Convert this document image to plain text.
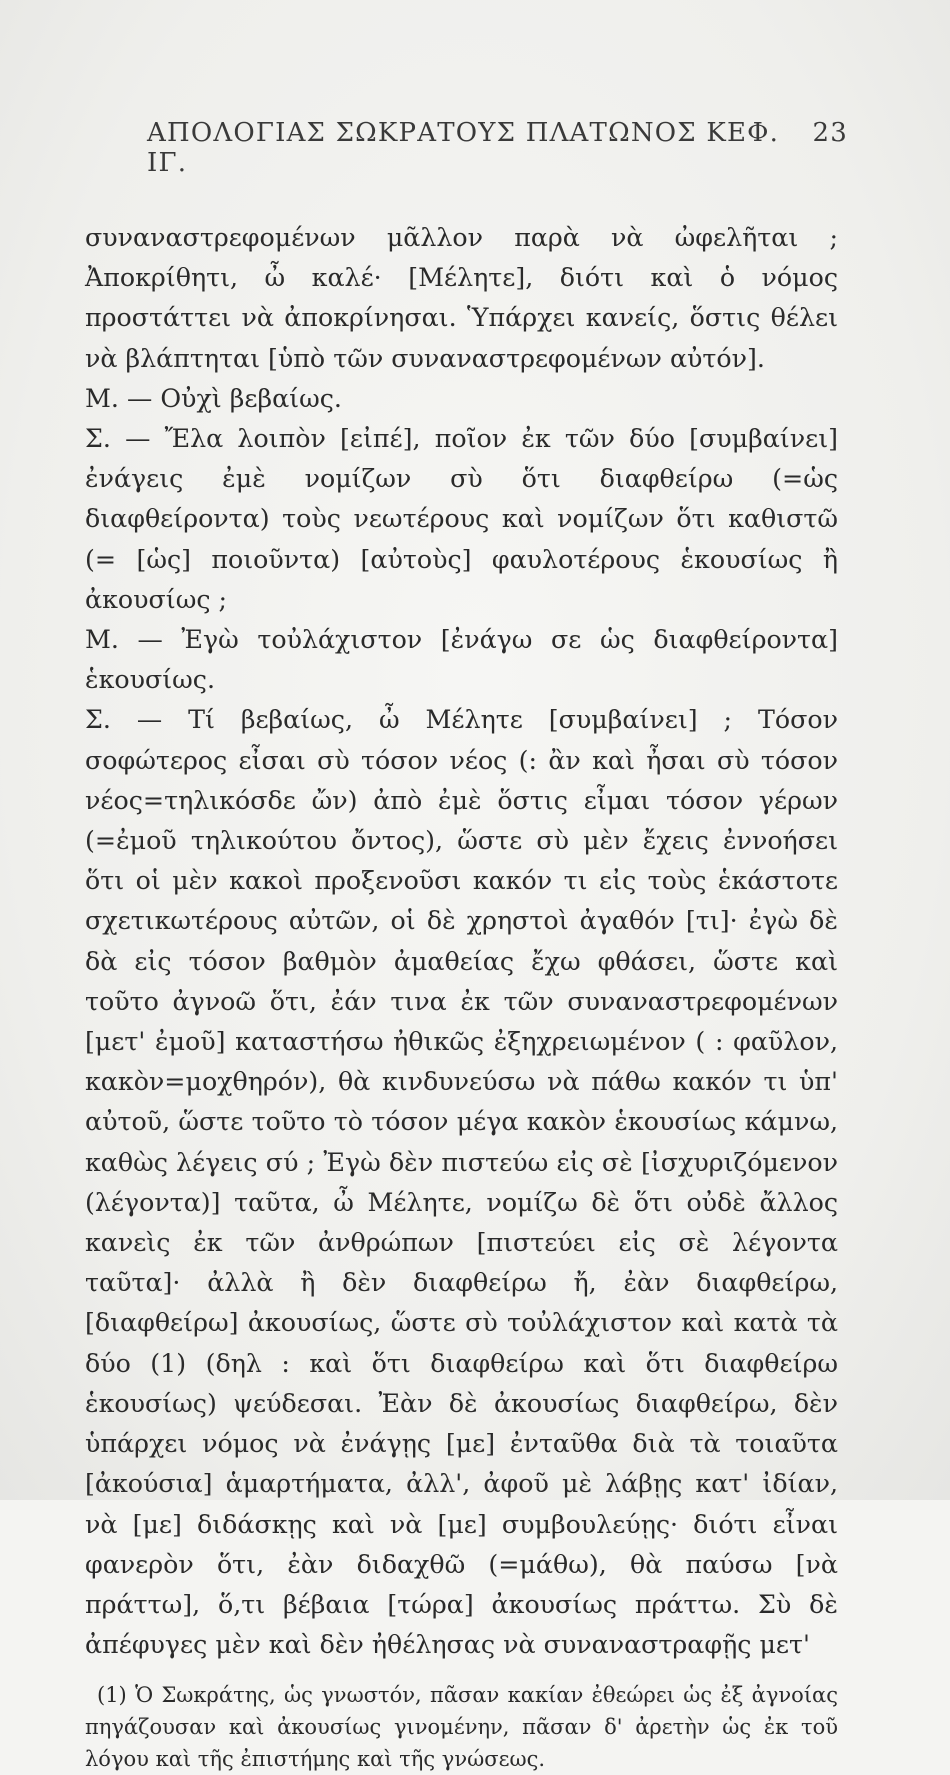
ΑΠΟΛΟΓΙΑΣ ΣΩΚΡΑΤΟΥΣ ΠΛΑΤΩΝΟΣ ΚΕΦ. ΙΓ.
23

συναναστρεφομένων μᾶλλον παρὰ νὰ ὠφελῆται ; Ἀποκρίθητι, ὦ καλέ· [Μέλητε], διότι καὶ ὁ νόμος προστάττει νὰ ἀποκρίνησαι. Ὑπάρχει κανείς, ὅστις θέλει νὰ βλάπτηται [ὑπὸ τῶν συναναστρεφομένων αὐτόν].

Μ. — Οὐχὶ βεβαίως.

Σ. — Ἔλα λοιπὸν [εἰπέ], ποῖον ἐκ τῶν δύο [συμβαίνει] ἐνάγεις ἐμὲ νομίζων σὺ ὅτι διαφθείρω (=ὡς διαφθείροντα) τοὺς νεωτέρους καὶ νομίζων ὅτι καθιστῶ (= [ὡς] ποιοῦντα) [αὐτοὺς] φαυλοτέρους ἑκουσίως ἢ ἀκουσίως ;

Μ. — Ἐγὼ τοὐλάχιστον [ἐνάγω σε ὡς διαφθείροντα] ἑκουσίως.

Σ. — Τί βεβαίως, ὦ Μέλητε [συμβαίνει] ; Τόσον σοφώτερος εἶσαι σὺ τόσον νέος (: ἂν καὶ ἦσαι σὺ τόσον νέος=τηλικόσδε ὤν) ἀπὸ ἐμὲ ὅστις εἶμαι τόσον γέρων (=ἐμοῦ τηλικούτου ὄντος), ὥστε σὺ μὲν ἔχεις ἐννοήσει ὅτι οἱ μὲν κακοὶ προξενοῦσι κακόν τι εἰς τοὺς ἑκάστοτε σχετικωτέρους αὐτῶν, οἱ δὲ χρηστοὶ ἀγαθόν [τι]· ἐγὼ δὲ δὰ εἰς τόσον βαθμὸν ἀμαθείας ἔχω φθάσει, ὥστε καὶ τοῦτο ἀγνοῶ ὅτι, ἐάν τινα ἐκ τῶν συναναστρεφομένων [μετ' ἐμοῦ] καταστήσω ἠθικῶς ἐξηχρειωμένον ( : φαῦλον, κακὸν=μοχθηρόν), θὰ κινδυνεύσω νὰ πάθω κακόν τι ὑπ' αὐτοῦ, ὥστε τοῦτο τὸ τόσον μέγα κακὸν ἑκουσίως κάμνω, καθὼς λέγεις σύ ; Ἐγὼ δὲν πιστεύω εἰς σὲ [ἰσχυριζόμενον (λέγοντα)] ταῦτα, ὦ Μέλητε, νομίζω δὲ ὅτι οὐδὲ ἄλλος κανεὶς ἐκ τῶν ἀνθρώπων [πιστεύει εἰς σὲ λέγοντα ταῦτα]· ἀλλὰ ἢ δὲν διαφθείρω ἤ, ἐὰν διαφθείρω, [διαφθείρω] ἀκουσίως, ὥστε σὺ τοὐλάχιστον καὶ κατὰ τὰ δύο (1) (δηλ : καὶ ὅτι διαφθείρω καὶ ὅτι διαφθείρω ἑκουσίως) ψεύδεσαι. Ἐὰν δὲ ἀκουσίως διαφθείρω, δὲν ὑπάρχει νόμος νὰ ἐνάγῃς [με] ἐνταῦθα διὰ τὰ τοιαῦτα [ἀκούσια] ἁμαρτήματα, ἀλλ', ἀφοῦ μὲ λάβῃς κατ' ἰδίαν, νὰ [με] διδάσκῃς καὶ νὰ [με] συμβουλεύῃς· διότι εἶναι φανερὸν ὅτι, ἐὰν διδαχθῶ (=μάθω), θὰ παύσω [νὰ πράττω], ὅ,τι βέβαια [τώρα] ἀκουσίως πράττω. Σὺ δὲ ἀπέφυγες μὲν καὶ δὲν ἠθέλησας νὰ συναναστραφῇς μετ'

(1) Ὁ Σωκράτης, ὡς γνωστόν, πᾶσαν κακίαν ἐθεώρει ὡς ἐξ ἀγνοίας πηγάζουσαν καὶ ἀκουσίως γινομένην, πᾶσαν δ' ἀρετὴν ὡς ἐκ τοῦ λόγου καὶ τῆς ἐπιστήμης καὶ τῆς γνώσεως.
